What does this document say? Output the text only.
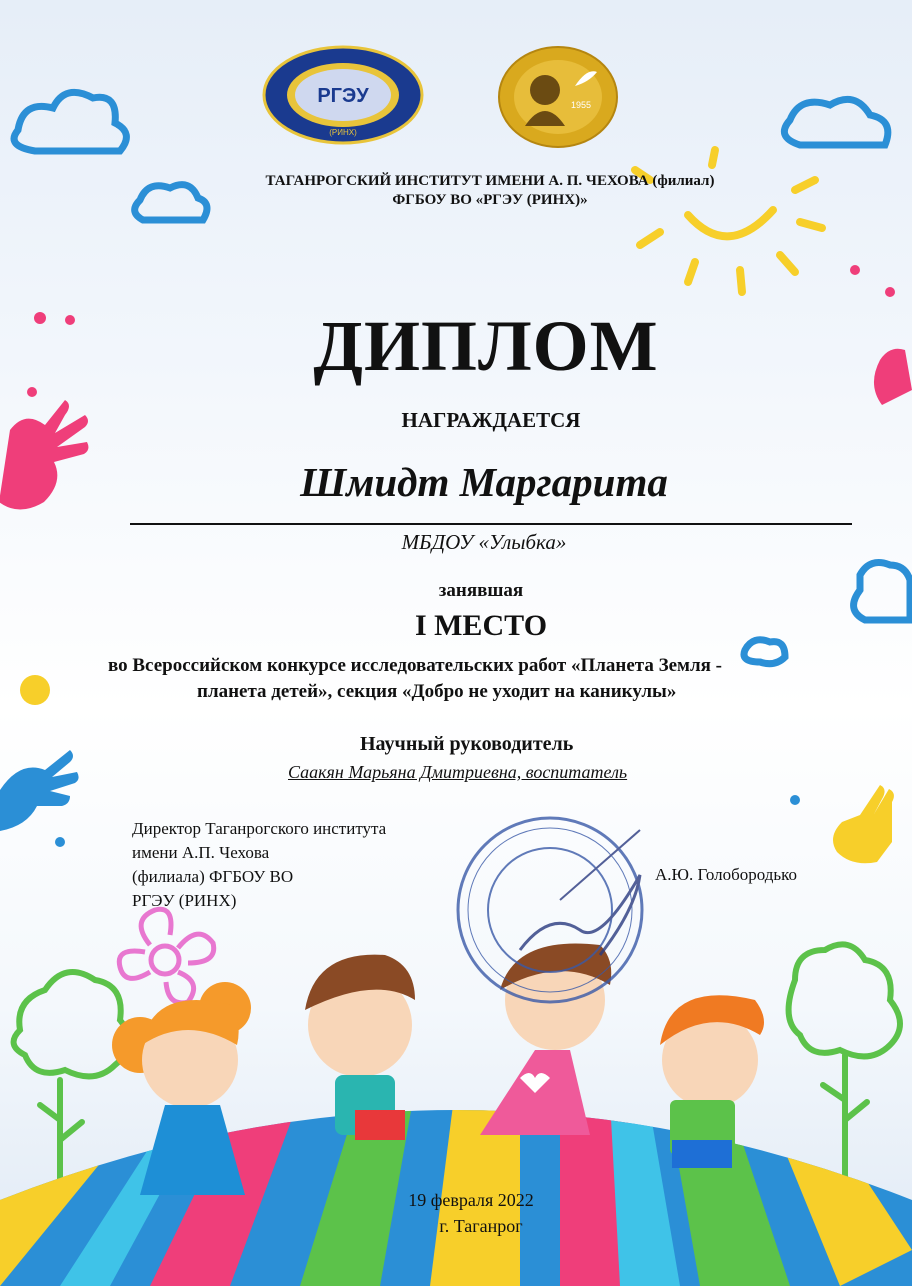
РГЭУ
(РИНХ)
1955

ТАГАНРОГСКИЙ ИНСТИТУТ ИМЕНИ А. П. ЧЕХОВА (филиал)

ФГБОУ ВО «РГЭУ (РИНХ)»

ДИПЛОМ

НАГРАЖДАЕТСЯ

Шмидт Маргарита

МБДОУ «Улыбка»

занявшая

I МЕСТО

во Всероссийском конкурсе исследовательских работ «Планета Земля -

планета детей», секция «Добро не уходит на каникулы»

Научный руководитель

Саакян Марьяна Дмитриевна, воспитатель

Директор Таганрогского института
имени А.П. Чехова
(филиала) ФГБОУ ВО
РГЭУ (РИНХ)

А.Ю. Голобородько

19 февраля 2022

г. Таганрог
